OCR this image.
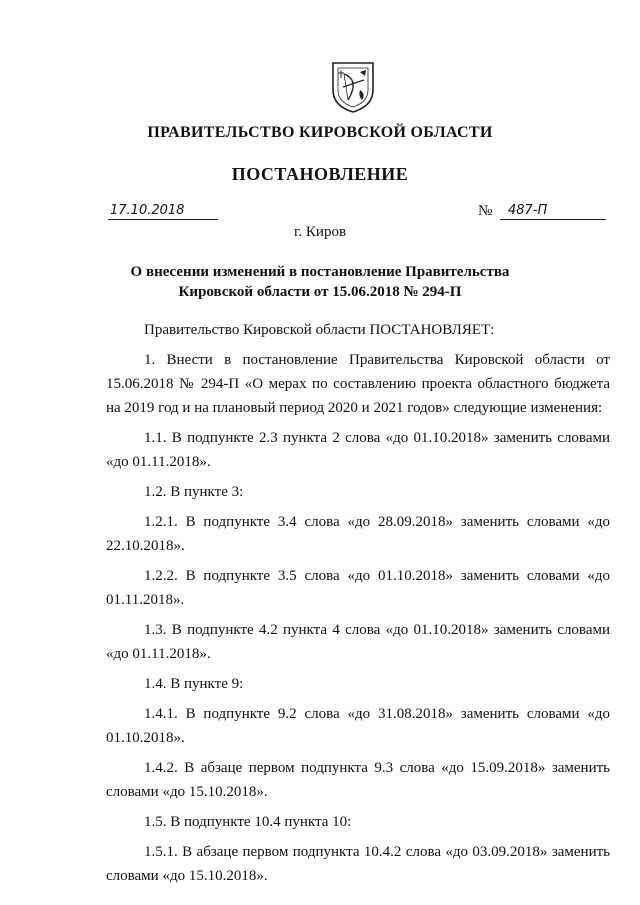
ПРАВИТЕЛЬСТВО КИРОВСКОЙ ОБЛАСТИ
ПОСТАНОВЛЕНИЕ
17.10.2018	№	487-П
г. Киров
О внесении изменений в постановление Правительства
Кировской области от 15.06.2018 № 294-П

Правительство Кировской области ПОСТАНОВЛЯЕТ:

1. Внести в постановление Правительства Кировской области от 15.06.2018 № 294-П «О мерах по составлению проекта областного бюджета на 2019 год и на плановый период 2020 и 2021 годов» следующие изменения:

1.1. В подпункте 2.3 пункта 2 слова «до 01.10.2018» заменить словами «до 01.11.2018».

1.2. В пункте 3:

1.2.1. В подпункте 3.4 слова «до 28.09.2018» заменить словами «до 22.10.2018».

1.2.2. В подпункте 3.5 слова «до 01.10.2018» заменить словами «до 01.11.2018».

1.3. В подпункте 4.2 пункта 4 слова «до 01.10.2018» заменить словами «до 01.11.2018».

1.4. В пункте 9:

1.4.1. В подпункте 9.2 слова «до 31.08.2018» заменить словами «до 01.10.2018».

1.4.2. В абзаце первом подпункта 9.3 слова «до 15.09.2018» заменить словами «до 15.10.2018».

1.5. В подпункте 10.4 пункта 10:

1.5.1. В абзаце первом подпункта 10.4.2 слова «до 03.09.2018» заменить словами «до 15.10.2018».
